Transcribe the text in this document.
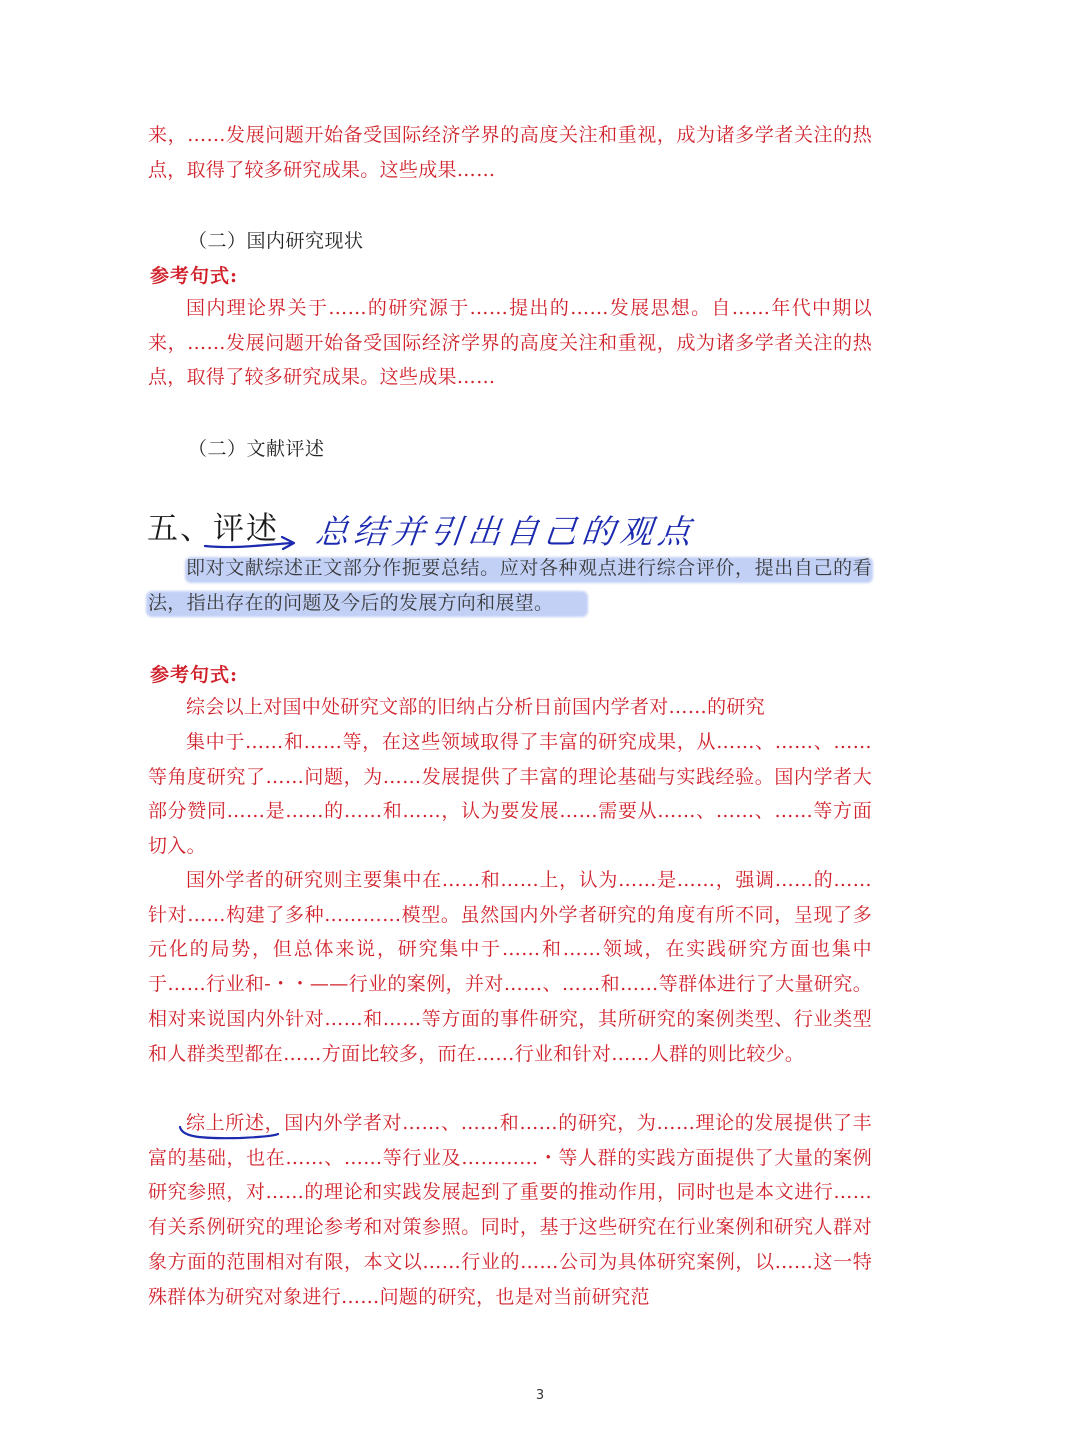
来，……发展问题开始备受国际经济学界的高度关注和重视，成为诸多学者关注的热点，取得了较多研究成果。这些成果……
（二）国内研究现状
参考句式:
国内理论界关于……的研究源于……提出的……发展思想。自……年代中期以来，……发展问题开始备受国际经济学界的高度关注和重视，成为诸多学者关注的热点，取得了较多研究成果。这些成果……
（二）文献评述
五、评述 总结并引出自己的观点
即对文献综述正文部分作扼要总结。应对各种观点进行综合评价，提出自己的看法，指出存在的问题及今后的发展方向和展望。
参考句式:
综会以上对国中处研究文部的旧纳占分析日前国内学者对……的研究
集中于……和……等，在这些领域取得了丰富的研究成果，从……、……、……等角度研究了……问题，为……发展提供了丰富的理论基础与实践经验。国内学者大部分赞同……是……的……和……，认为要发展……需要从……、……、……等方面切入。
国外学者的研究则主要集中在……和……上，认为……是……，强调……的……针对……构建了多种…………模型。虽然国内外学者研究的角度有所不同，呈现了多元化的局势，但总体来说，研究集中于……和……领域，在实践研究方面也集中于……行业和-・・——行业的案例，并对……、……和……等群体进行了大量研究。相对来说国内外针对……和……等方面的事件研究，其所研究的案例类型、行业类型和人群类型都在……方面比较多，而在……行业和针对……人群的则比较少。
综上所述，国内外学者对……、……和……的研究，为……理论的发展提供了丰富的基础，也在……、……等行业及…………・等人群的实践方面提供了大量的案例研究参照，对……的理论和实践发展起到了重要的推动作用，同时也是本文进行……有关系例研究的理论参考和对策参照。同时，基于这些研究在行业案例和研究人群对象方面的范围相对有限，本文以……行业的……公司为具体研究案例，以……这一特殊群体为研究对象进行……问题的研究，也是对当前研究范
3
